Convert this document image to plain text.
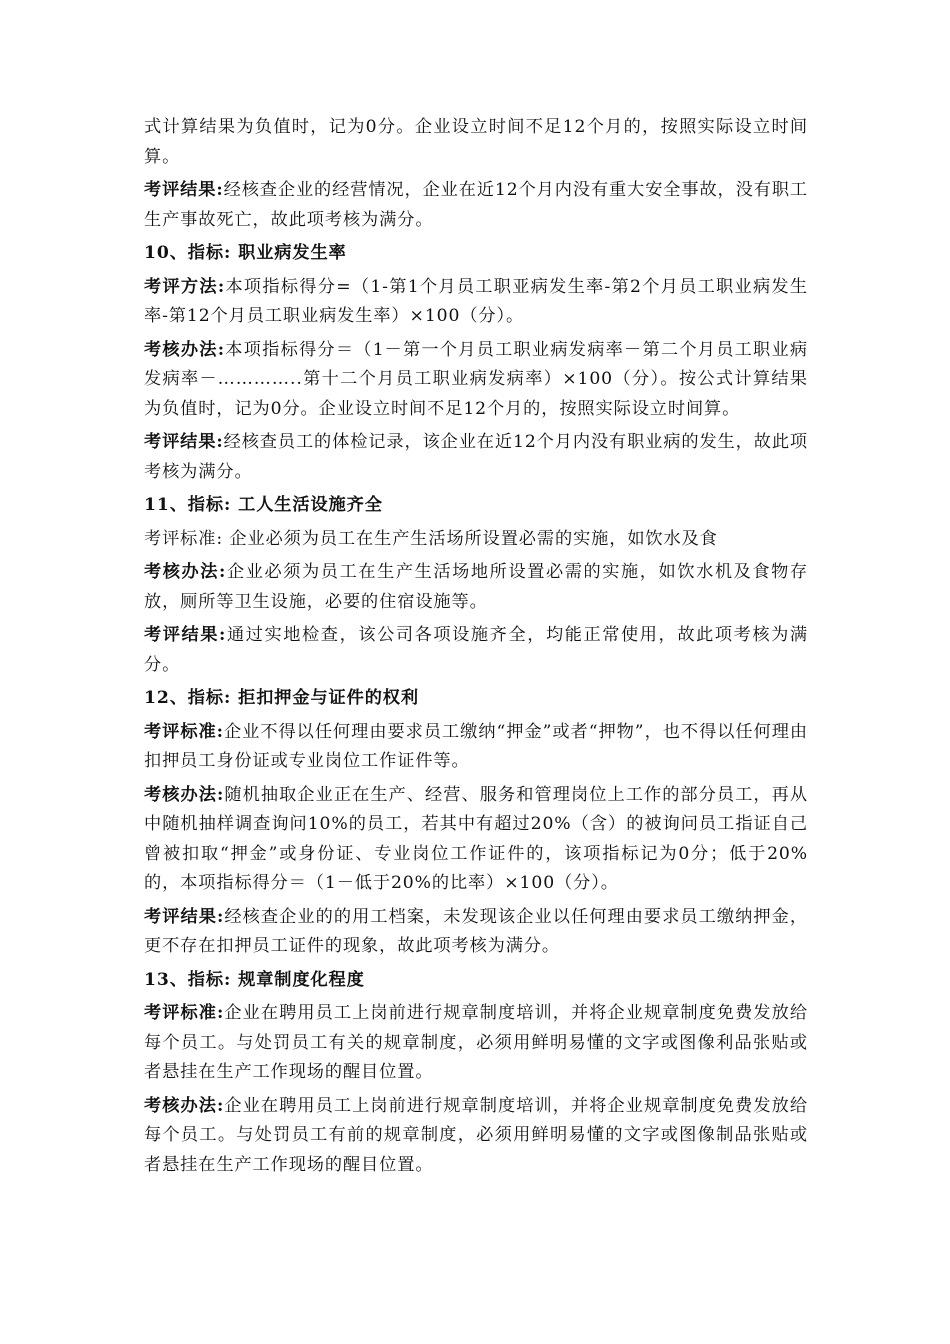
式计算结果为负值时，记为0分。企业设立时间不足12个月的，按照实际设立时间算。

考评结果:经核查企业的经营情况，企业在近12个月内没有重大安全事故，没有职工生产事故死亡，故此项考核为满分。

10、指标: 职业病发生率

考评方法:本项指标得分=（1-第1个月员工职亚病发生率-第2个月员工职业病发生率-第12个月员工职业病发生率）×100（分）。

考核办法:本项指标得分＝（1－第一个月员工职业病发病率－第二个月员工职业病发病率－…………..第十二个月员工职业病发病率）×100（分）。按公式计算结果为负值时，记为0分。企业设立时间不足12个月的，按照实际设立时间算。

考评结果:经核查员工的体检记录，该企业在近12个月内没有职业病的发生，故此项考核为满分。

11、指标: 工人生活设施齐全

考评标准: 企业必须为员工在生产生活场所设置必需的实施，如饮水及食

考核办法:企业必须为员工在生产生活场地所设置必需的实施，如饮水机及食物存放，厕所等卫生设施，必要的住宿设施等。

考评结果:通过实地检查，该公司各项设施齐全，均能正常使用，故此项考核为满分。

12、指标: 拒扣押金与证件的权利

考评标准:企业不得以任何理由要求员工缴纳“押金”或者“押物”，也不得以任何理由扣押员工身份证或专业岗位工作证件等。

考核办法:随机抽取企业正在生产、经营、服务和管理岗位上工作的部分员工，再从中随机抽样调查询问10%的员工，若其中有超过20%（含）的被询问员工指证自己曾被扣取“押金”或身份证、专业岗位工作证件的，该项指标记为0分；低于20%的，本项指标得分＝（1－低于20%的比率）×100（分）。

考评结果:经核查企业的的用工档案，未发现该企业以任何理由要求员工缴纳押金，更不存在扣押员工证件的现象，故此项考核为满分。

13、指标: 规章制度化程度

考评标准:企业在聘用员工上岗前进行规章制度培训，并将企业规章制度免费发放给每个员工。与处罚员工有关的规章制度，必须用鲜明易懂的文字或图像利品张贴或者悬挂在生产工作现场的醒目位置。

考核办法:企业在聘用员工上岗前进行规章制度培训，并将企业规章制度免费发放给每个员工。与处罚员工有前的规章制度，必须用鲜明易懂的文字或图像制品张贴或者悬挂在生产工作现场的醒目位置。
